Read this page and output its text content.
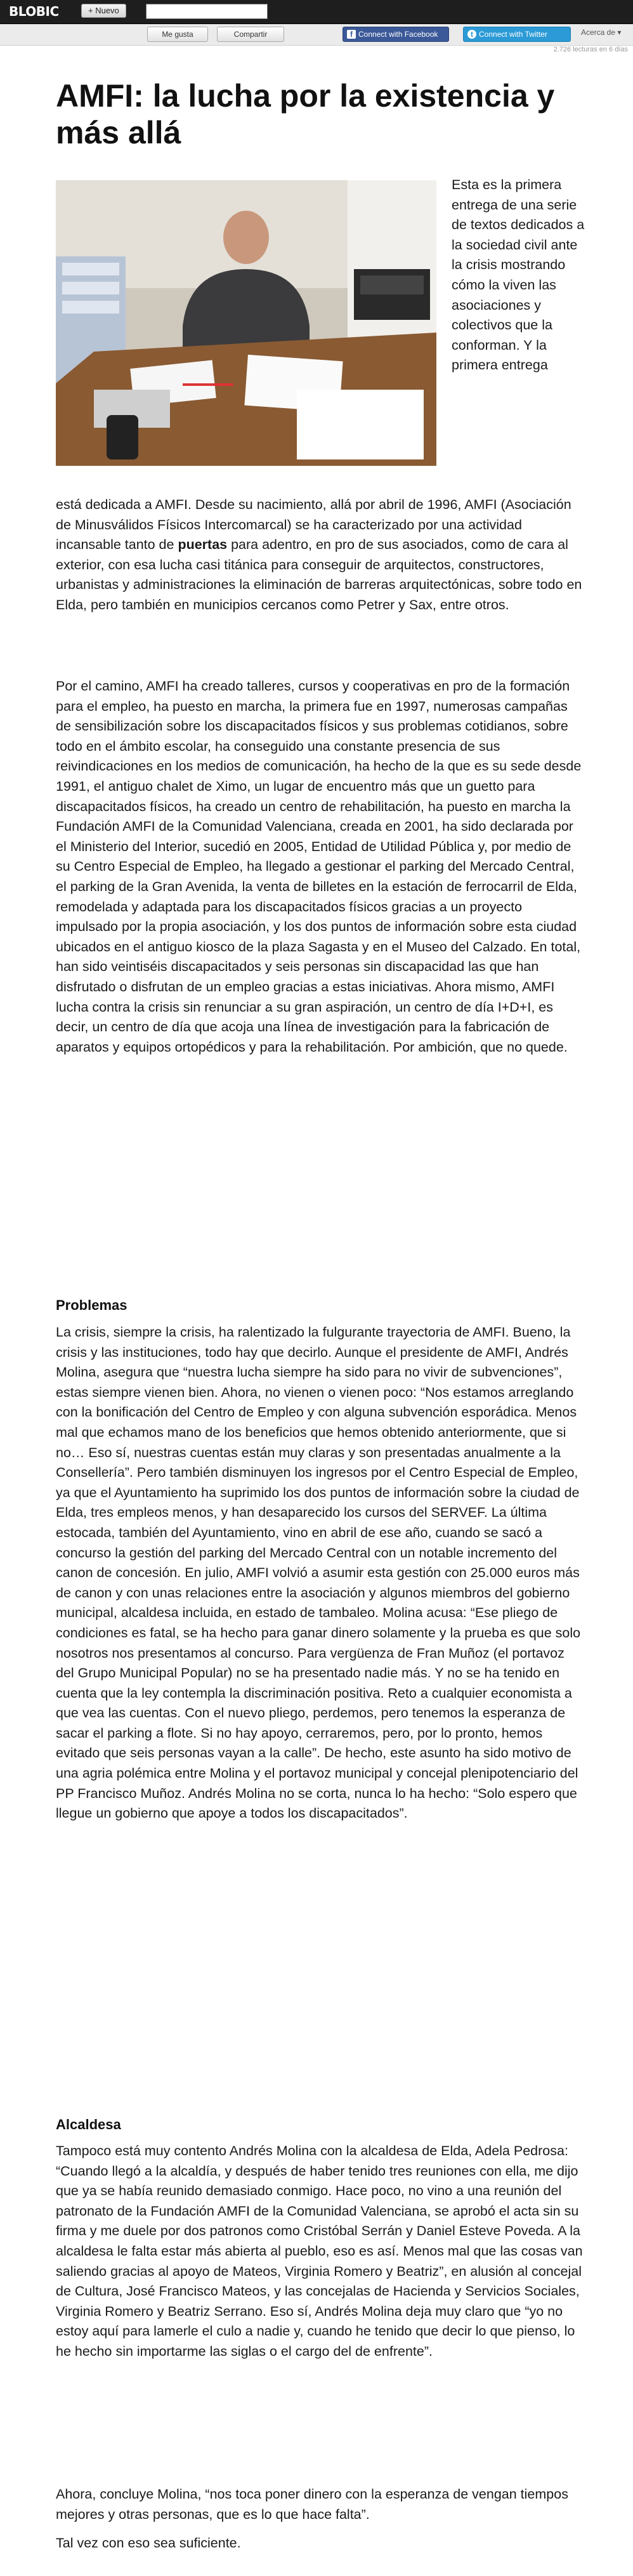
BLOBIC	+ Nuevo
Me gusta	Compartir	f Connect with Facebook	t Connect with Twitter	Acerca de ▾
2.726 lecturas en 6 días
AMFI: la lucha por la existencia y más allá
Esta es la primera entrega de una serie de textos dedicados a la sociedad civil ante la crisis mostrando cómo la viven las asociaciones y colectivos que la conforman. Y la primera entrega
está dedicada a AMFI. Desde su nacimiento, allá por abril de 1996, AMFI (Asociación de Minusválidos Físicos Intercomarcal) se ha caracterizado por una actividad incansable tanto de puertas para adentro, en pro de sus asociados, como de cara al exterior, con esa lucha casi titánica para conseguir de arquitectos, constructores, urbanistas y administraciones la eliminación de barreras arquitectónicas, sobre todo en Elda, pero también en municipios cercanos como Petrer y Sax, entre otros.
Por el camino, AMFI ha creado talleres, cursos y cooperativas en pro de la formación para el empleo, ha puesto en marcha, la primera fue en 1997, numerosas campañas de sensibilización sobre los discapacitados físicos y sus problemas cotidianos, sobre todo en el ámbito escolar, ha conseguido una constante presencia de sus reivindicaciones en los medios de comunicación, ha hecho de la que es su sede desde 1991, el antiguo chalet de Ximo, un lugar de encuentro más que un guetto para discapacitados físicos, ha creado un centro de rehabilitación, ha puesto en marcha la Fundación AMFI de la Comunidad Valenciana, creada en 2001, ha sido declarada por el Ministerio del Interior, sucedió en 2005, Entidad de Utilidad Pública y, por medio de su Centro Especial de Empleo, ha llegado a gestionar el parking del Mercado Central, el parking de la Gran Avenida, la venta de billetes en la estación de ferrocarril de Elda, remodelada y adaptada para los discapacitados físicos gracias a un proyecto impulsado por la propia asociación, y los dos puntos de información sobre esta ciudad ubicados en el antiguo kiosco de la plaza Sagasta y en el Museo del Calzado. En total, han sido veintiséis discapacitados y seis personas sin discapacidad las que han disfrutado o disfrutan de un empleo gracias a estas iniciativas. Ahora mismo, AMFI lucha contra la crisis sin renunciar a su gran aspiración, un centro de día I+D+I, es decir, un centro de día que acoja una línea de investigación para la fabricación de aparatos y equipos ortopédicos y para la rehabilitación. Por ambición, que no quede.
Problemas
La crisis, siempre la crisis, ha ralentizado la fulgurante trayectoria de AMFI. Bueno, la crisis y las instituciones, todo hay que decirlo. Aunque el presidente de AMFI, Andrés Molina, asegura que “nuestra lucha siempre ha sido para no vivir de subvenciones”, estas siempre vienen bien. Ahora, no vienen o vienen poco: “Nos estamos arreglando con la bonificación del Centro de Empleo y con alguna subvención esporádica. Menos mal que echamos mano de los beneficios que hemos obtenido anteriormente, que si no… Eso sí, nuestras cuentas están muy claras y son presentadas anualmente a la Consellería”. Pero también disminuyen los ingresos por el Centro Especial de Empleo, ya que el Ayuntamiento ha suprimido los dos puntos de información sobre la ciudad de Elda, tres empleos menos, y han desaparecido los cursos del SERVEF. La última estocada, también del Ayuntamiento, vino en abril de ese año, cuando se sacó a concurso la gestión del parking del Mercado Central con un notable incremento del canon de concesión. En julio, AMFI volvió a asumir esta gestión con 25.000 euros más de canon y con unas relaciones entre la asociación y algunos miembros del gobierno municipal, alcaldesa incluida, en estado de tambaleo. Molina acusa: “Ese pliego de condiciones es fatal, se ha hecho para ganar dinero solamente y la prueba es que solo nosotros nos presentamos al concurso. Para vergüenza de Fran Muñoz (el portavoz del Grupo Municipal Popular) no se ha presentado nadie más. Y no se ha tenido en cuenta que la ley contempla la discriminación positiva. Reto a cualquier economista a que vea las cuentas. Con el nuevo pliego, perdemos, pero tenemos la esperanza de sacar el parking a flote. Si no hay apoyo, cerraremos, pero, por lo pronto, hemos evitado que seis personas vayan a la calle”. De hecho, este asunto ha sido motivo de una agria polémica entre Molina y el portavoz municipal y concejal plenipotenciario del PP Francisco Muñoz. Andrés Molina no se corta, nunca lo ha hecho: “Solo espero que llegue un gobierno que apoye a todos los discapacitados”.
Alcaldesa
Tampoco está muy contento Andrés Molina con la alcaldesa de Elda, Adela Pedrosa: “Cuando llegó a la alcaldía, y después de haber tenido tres reuniones con ella, me dijo que ya se había reunido demasiado conmigo. Hace poco, no vino a una reunión del patronato de la Fundación AMFI de la Comunidad Valenciana, se aprobó el acta sin su firma y me duele por dos patronos como Cristóbal Serrán y Daniel Esteve Poveda. A la alcaldesa le falta estar más abierta al pueblo, eso es así. Menos mal que las cosas van saliendo gracias al apoyo de Mateos, Virginia Romero y Beatriz”, en alusión al concejal de Cultura, José Francisco Mateos, y las concejalas de Hacienda y Servicios Sociales, Virginia Romero y Beatriz Serrano. Eso sí, Andrés Molina deja muy claro que “yo no estoy aquí para lamerle el culo a nadie y, cuando he tenido que decir lo que pienso, lo he hecho sin importarme las siglas o el cargo del de enfrente”.
Ahora, concluye Molina, “nos toca poner dinero con la esperanza de vengan tiempos mejores y otras personas, que es lo que hace falta”.
Tal vez con eso sea suficiente.
